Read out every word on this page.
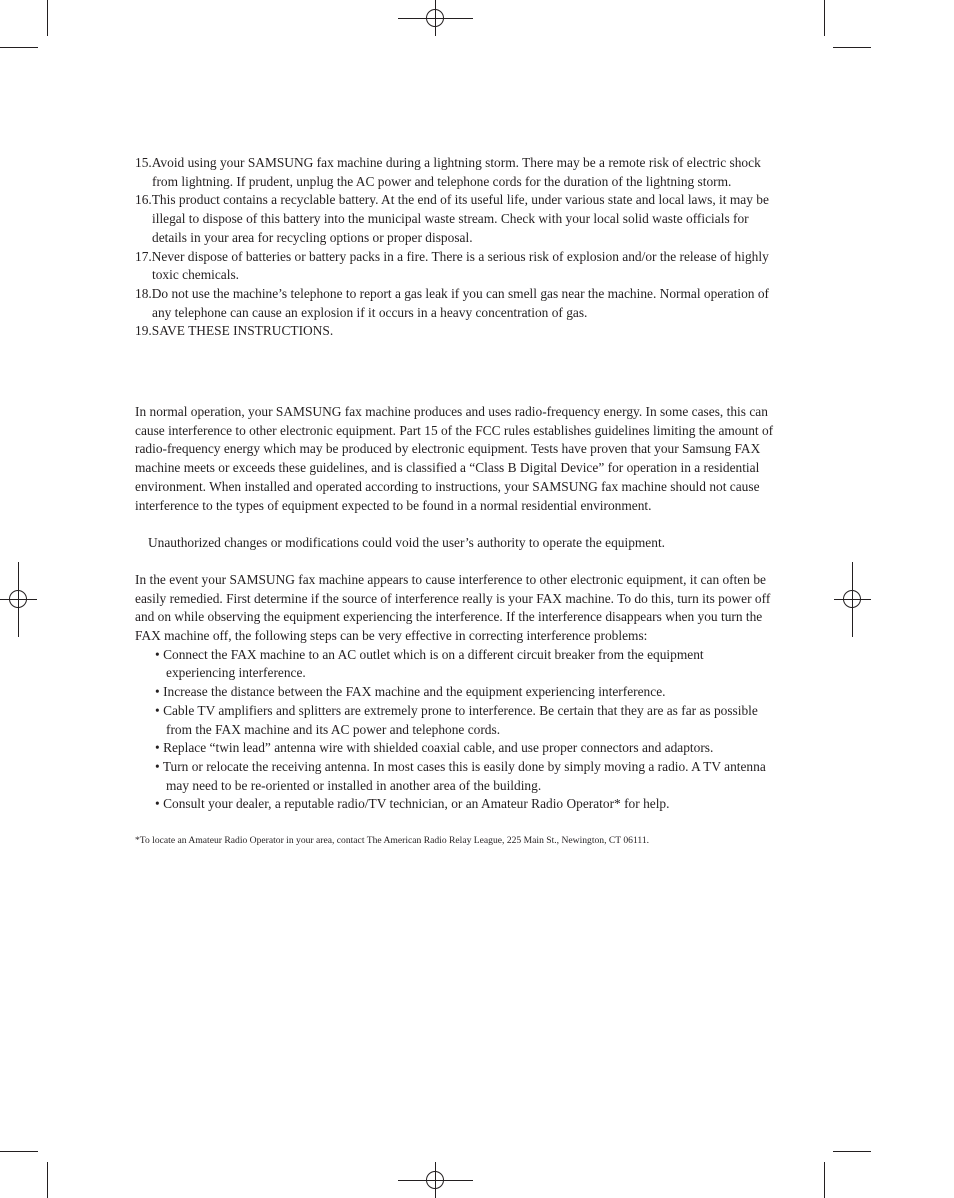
15.Avoid using your SAMSUNG fax machine during a lightning storm. There may be a remote risk of electric shock from lightning. If prudent, unplug the AC power and telephone cords for the duration of the lightning storm.
16.This product contains a recyclable battery. At the end of its useful life, under various state and local laws, it may be illegal to dispose of this battery into the municipal waste stream. Check with your local solid waste officials for details in your area for recycling options or proper disposal.
17.Never dispose of batteries or battery packs in a fire. There is a serious risk of explosion and/or the release of highly toxic chemicals.
18.Do not use the machine’s telephone to report a gas leak if you can smell gas near the machine. Normal operation of any telephone can cause an explosion if it occurs in a heavy concentration of gas.
19.SAVE THESE INSTRUCTIONS.

In normal operation, your SAMSUNG fax machine produces and uses radio-frequency energy. In some cases, this can cause interference to other electronic equipment. Part 15 of the FCC rules establishes guidelines limiting the amount of radio-frequency energy which may be produced by electronic equipment. Tests have proven that your Samsung FAX machine meets or exceeds these guidelines, and is classified a “Class B Digital Device” for operation in a residential environment. When installed and operated according to instructions, your SAMSUNG fax machine should not cause interference to the types of equipment expected to be found in a normal residential environment.

Unauthorized changes or modifications could void the user’s authority to operate the equipment.

In the event your SAMSUNG fax machine appears to cause interference to other electronic equipment, it can often be easily remedied. First determine if the source of interference really is your FAX machine. To do this, turn its power off and on while observing the equipment experiencing the interference. If the interference disappears when you turn the FAX machine off, the following steps can be very effective in correcting interference problems:

• Connect the FAX machine to an AC outlet which is on a different circuit breaker from the equipment experiencing interference.
• Increase the distance between the FAX machine and the equipment experiencing interference.
• Cable TV amplifiers and splitters are extremely prone to interference. Be certain that they are as far as possible from the FAX machine and its AC power and telephone cords.
• Replace “twin lead” antenna wire with shielded coaxial cable, and use proper connectors and adaptors.
• Turn or relocate the receiving antenna. In most cases this is easily done by simply moving a radio. A TV antenna may need to be re-oriented or installed in another area of the building.
• Consult your dealer, a reputable radio/TV technician, or an Amateur Radio Operator* for help.
*To locate an Amateur Radio Operator in your area, contact The American Radio Relay League, 225 Main St., Newington, CT 06111.
